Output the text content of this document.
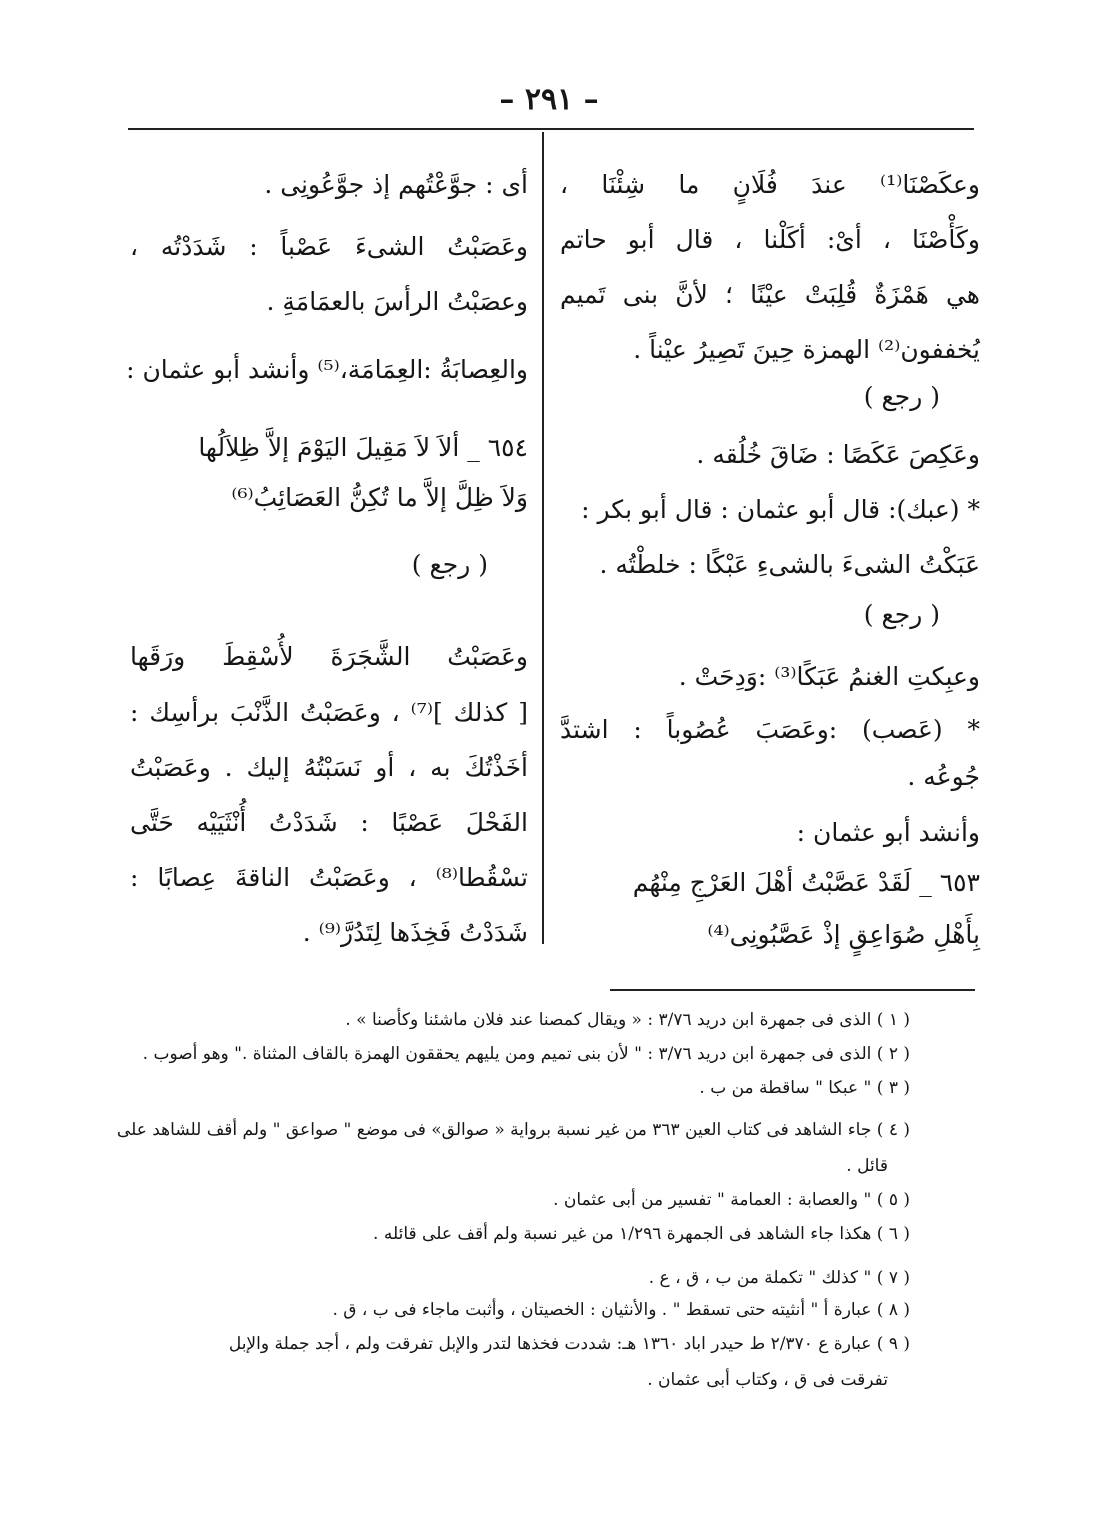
– ٢٩١ –
وعكَصْنَا⁽¹⁾ عندَ فُلَانٍ ما شِئْنَا ،
وكَأْصْنَا ، أىْ: أكَلْنا ، قال أبو حاتم
هي هَمْزَةٌ قُلِبَتْ عيْنًا ؛ لأنَّ بنى تَميم
يُخففون⁽²⁾ الهمزة حِينَ تَصِيرُ عيْناً .
( رجع )
وعَكِصَ عَكَصًا : ضَاقَ خُلُقه .
* (عبك): قال أبو عثمان : قال أبو بكر :
عَبَكْتُ الشىءَ بالشىءِ عَبْكًا : خلطْتُه .
( رجع )
وعبِكتِ الغنمُ عَبَكًا⁽³⁾ :وَدِحَتْ .
* (عَصب) :وعَصَبَ عُصُوباً : اشتدَّ
جُوعُه .
وأنشد أبو عثمان :
٦٥٣ _ لَقَدْ عَصَّبْتُ أهْلَ العَرْجِ مِنْهُم
بِأَهْلِ صُوَاعِقٍ إذْ عَصَّبُونِى⁽⁴⁾
أى : جوَّعْتُهم إذ جوَّعُونِى .
وعَصَبْتُ الشىءَ عَصْباً : شَدَدْتُه ،
وعصَبْتُ الرأسَ بالعمَامَةِ .
والعِصابَةُ :العِمَامَة،⁽⁵⁾ وأنشد أبو عثمان :
٦٥٤ _ ألاَ لاَ مَقِيلَ اليَوْمَ إلاَّ ظِلاَلُها
وَلاَ ظِلَّ إلاَّ ما تُكِنُّ العَصَائِبُ⁽⁶⁾
( رجع )
وعَصَبْتُ الشَّجَرَةَ لأُسْقِطَ ورَقَها
[ كذلك ]⁽⁷⁾ ، وعَصَبْتُ الذَّنْبَ برأسِك :
أخَذْتُكَ به ، أو نَسَبْتُهُ إليك . وعَصَبْتُ
الفَحْلَ عَصْبًا : شَدَدْتُ أُنْثَيَيْه حَتَّى
تسْقُطا⁽⁸⁾ ، وعَصَبْتُ الناقةَ عِصابًا :
شَدَدْتُ فَخِذَها لِتَدُرَّ⁽⁹⁾ .
( ١ ) الذى فى جمهرة ابن دريد ٣/٧٦ : « ويقال كمصنا عند فلان ماشئنا وكأصنا » .
( ٢ ) الذى فى جمهرة ابن دريد ٣/٧٦ : " لأن بنى تميم ومن يليهم يحققون الهمزة بالقاف المثناة ." وهو أصوب .
( ٣ ) " عبكا " ساقطة من ب .
( ٤ ) جاء الشاهد فى كتاب العين ٣٦٣ من غير نسبة برواية « صوالق» فى موضع " صواعق " ولم أقف للشاهد على
قائل .
( ٥ ) " والعصابة : العمامة " تفسير من أبى عثمان .
( ٦ ) هكذا جاء الشاهد فى الجمهرة ١/٢٩٦ من غير نسبة ولم أقف على قائله .
( ٧ ) " كذلك " تكملة من ب ، ق ، ع .
( ٨ ) عبارة أ " أنثيته حتى تسقط " . والأنثيان : الخصيتان ، وأثبت ماجاء فى ب ، ق .
( ٩ ) عبارة ع ٢/٣٧٠ ط حيدر اباد ١٣٦٠ هـ: شددت فخذها لتدر والإبل تفرقت ولم ، أجد جملة والإبل
تفرقت فى ق ، وكتاب أبى عثمان .
